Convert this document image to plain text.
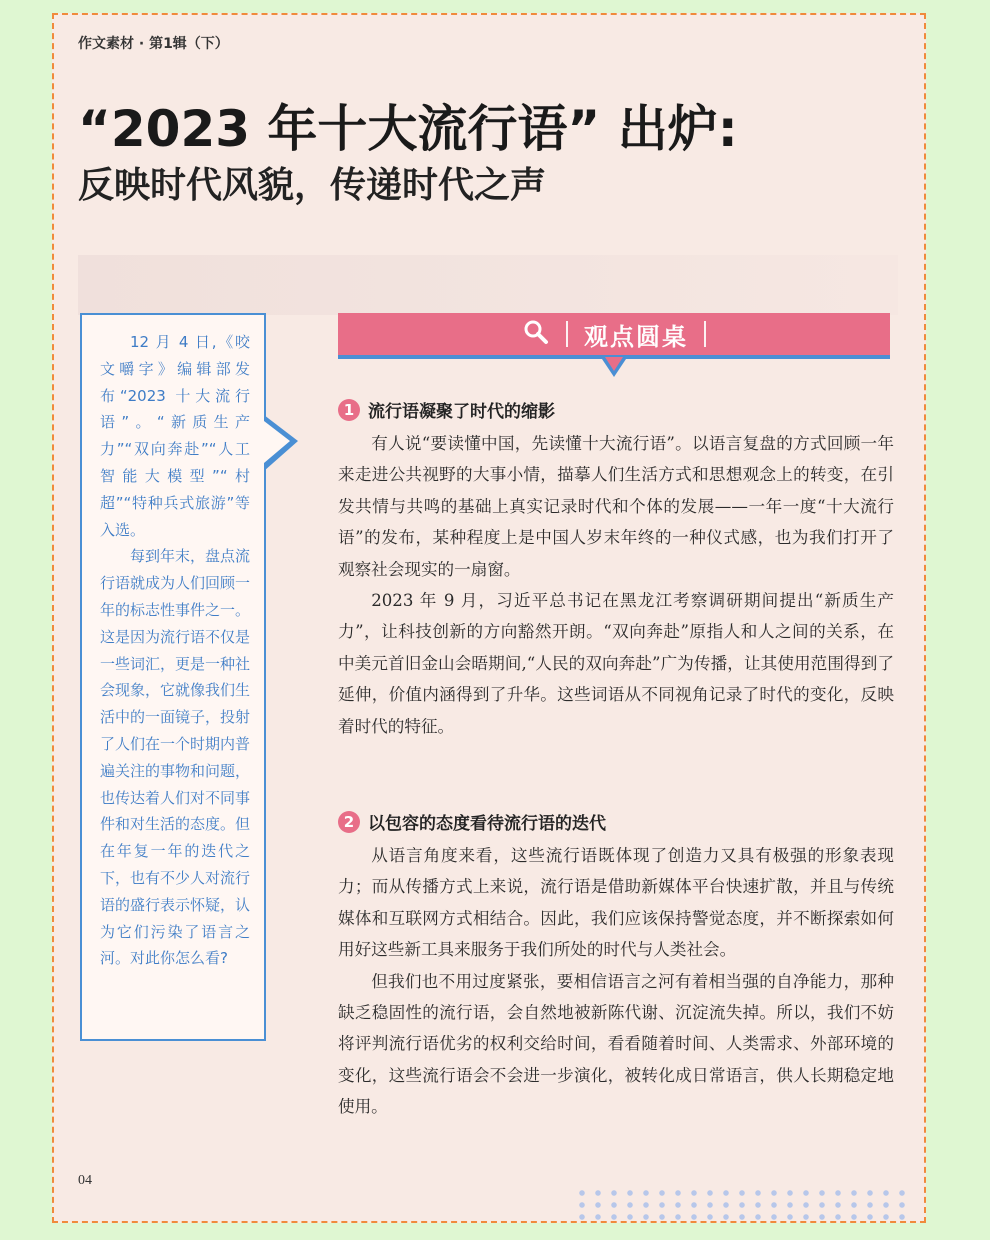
作文素材 · 第1辑（下）
“2023 年十大流行语” 出炉:
反映时代风貌，传递时代之声

12 月 4 日,《咬文嚼字》编辑部发布“2023 十大流行语”。“新质生产力”“双向奔赴”“人工智能大模型”“村超”“特种兵式旅游”等入选。

每到年末，盘点流行语就成为人们回顾一年的标志性事件之一。这是因为流行语不仅是一些词汇，更是一种社会现象，它就像我们生活中的一面镜子，投射了人们在一个时期内普遍关注的事物和问题，也传达着人们对不同事件和对生活的态度。但在年复一年的迭代之下，也有不少人对流行语的盛行表示怀疑，认为它们污染了语言之河。对此你怎么看?

观点圆桌
1 流行语凝聚了时代的缩影

有人说“要读懂中国，先读懂十大流行语”。以语言复盘的方式回顾一年来走进公共视野的大事小情，描摹人们生活方式和思想观念上的转变，在引发共情与共鸣的基础上真实记录时代和个体的发展——一年一度“十大流行语”的发布，某种程度上是中国人岁末年终的一种仪式感，也为我们打开了观察社会现实的一扇窗。

2023 年 9 月，习近平总书记在黑龙江考察调研期间提出“新质生产力”，让科技创新的方向豁然开朗。“双向奔赴”原指人和人之间的关系，在中美元首旧金山会晤期间,“人民的双向奔赴”广为传播，让其使用范围得到了延伸，价值内涵得到了升华。这些词语从不同视角记录了时代的变化，反映着时代的特征。

2 以包容的态度看待流行语的迭代

从语言角度来看，这些流行语既体现了创造力又具有极强的形象表现力；而从传播方式上来说，流行语是借助新媒体平台快速扩散，并且与传统媒体和互联网方式相结合。因此，我们应该保持警觉态度，并不断探索如何用好这些新工具来服务于我们所处的时代与人类社会。

但我们也不用过度紧张，要相信语言之河有着相当强的自净能力，那种缺乏稳固性的流行语，会自然地被新陈代谢、沉淀流失掉。所以，我们不妨将评判流行语优劣的权利交给时间，看看随着时间、人类需求、外部环境的变化，这些流行语会不会进一步演化，被转化成日常语言，供人长期稳定地使用。

04
